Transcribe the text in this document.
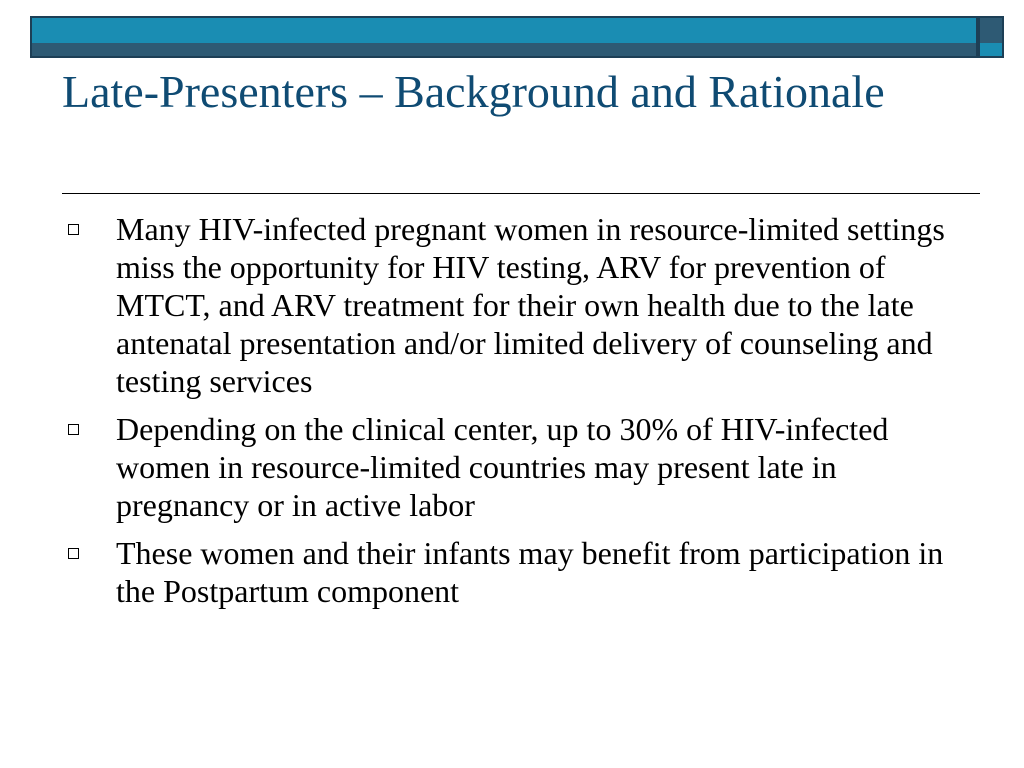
Late-Presenters – Background and Rationale
Many HIV-infected pregnant women in resource-limited settings miss the opportunity for HIV testing, ARV for prevention of MTCT, and ARV treatment for their own health due to the late antenatal presentation and/or limited delivery of counseling and testing services
Depending on the clinical center, up to 30% of HIV-infected women in resource-limited countries may present late in pregnancy or in active labor
These women and their infants may benefit from participation in the Postpartum component
